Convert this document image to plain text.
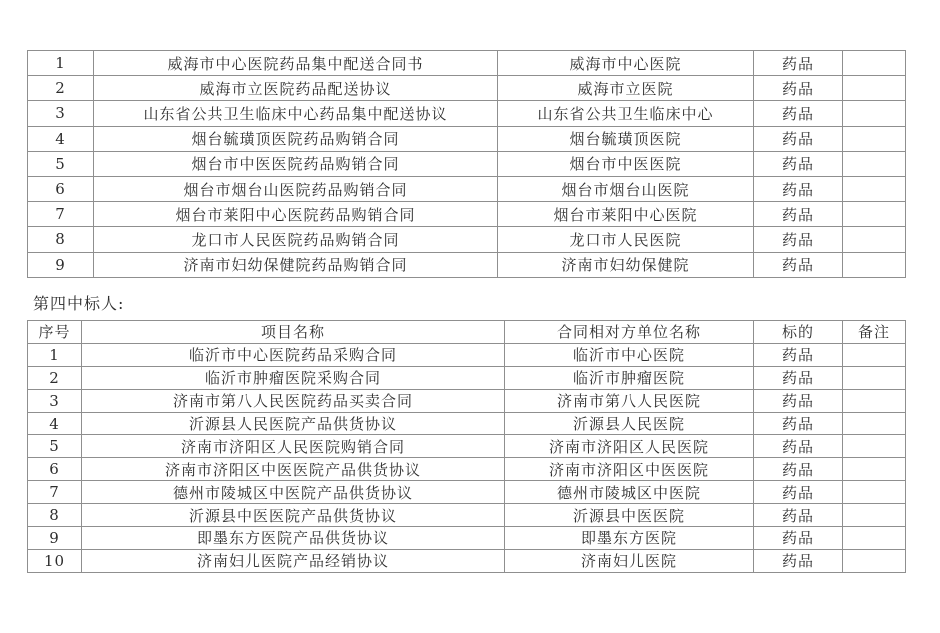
1	威海市中心医院药品集中配送合同书	威海市中心医院	药品	
2	威海市立医院药品配送协议	威海市立医院	药品	
3	山东省公共卫生临床中心药品集中配送协议	山东省公共卫生临床中心	药品	
4	烟台毓璜顶医院药品购销合同	烟台毓璜顶医院	药品	
5	烟台市中医医院药品购销合同	烟台市中医医院	药品	
6	烟台市烟台山医院药品购销合同	烟台市烟台山医院	药品	
7	烟台市莱阳中心医院药品购销合同	烟台市莱阳中心医院	药品	
8	龙口市人民医院药品购销合同	龙口市人民医院	药品	
9	济南市妇幼保健院药品购销合同	济南市妇幼保健院	药品	
第四中标人:
序号	项目名称	合同相对方单位名称	标的	备注
1	临沂市中心医院药品采购合同	临沂市中心医院	药品	
2	临沂市肿瘤医院采购合同	临沂市肿瘤医院	药品	
3	济南市第八人民医院药品买卖合同	济南市第八人民医院	药品	
4	沂源县人民医院产品供货协议	沂源县人民医院	药品	
5	济南市济阳区人民医院购销合同	济南市济阳区人民医院	药品	
6	济南市济阳区中医医院产品供货协议	济南市济阳区中医医院	药品	
7	德州市陵城区中医院产品供货协议	德州市陵城区中医院	药品	
8	沂源县中医医院产品供货协议	沂源县中医医院	药品	
9	即墨东方医院产品供货协议	即墨东方医院	药品	
10	济南妇儿医院产品经销协议	济南妇儿医院	药品	
